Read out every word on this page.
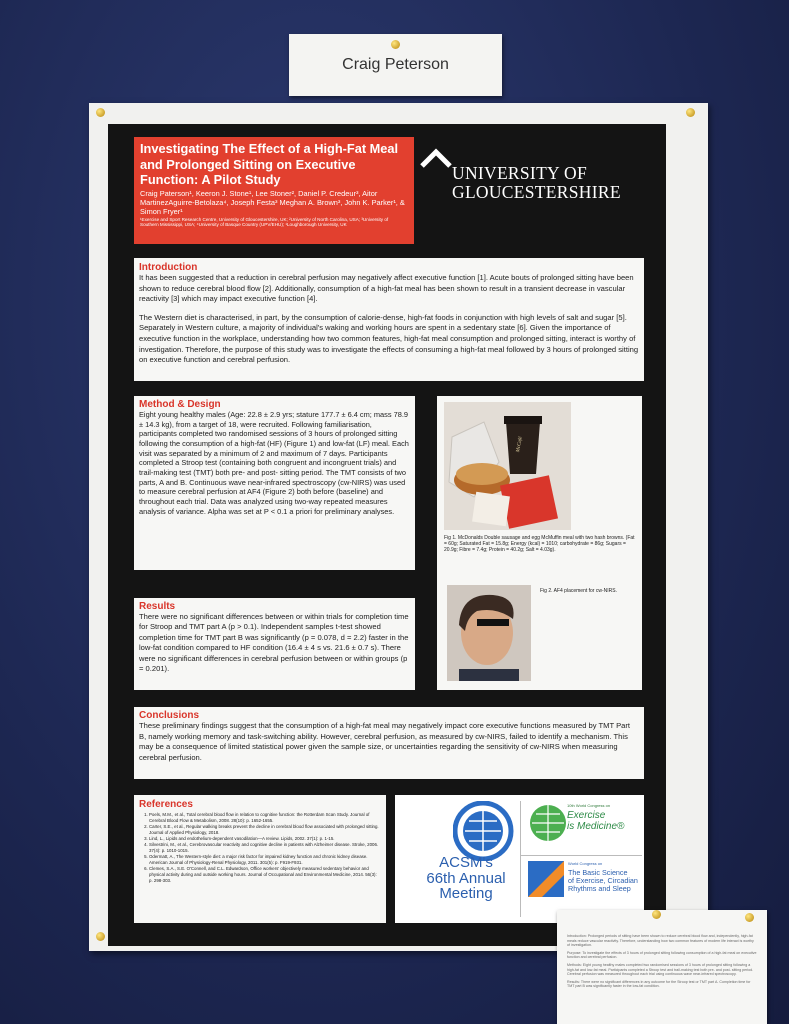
Craig Peterson
Investigating The Effect of a High-Fat Meal and Prolonged Sitting on Executive Function: A Pilot Study
Craig Paterson¹, Keeron J. Stone¹, Lee Stoner², Daniel P. Credeur³, Aitor MartinezAguirre-Betolaza⁴, Joseph Festa³ Meghan A. Brown³, John K. Parker¹, & Simon Fryer¹
¹Exercise and Sport Research Centre, University of Gloucestershire, UK; ²University of North Carolina, USA; ³University of Southern Mississippi, USA; ⁴University of Basque Country (UPV/EHU); ¹Loughborough University, UK
UNIVERSITY OF
GLOUCESTERSHIRE
Introduction
It has been suggested that a reduction in cerebral perfusion may negatively affect executive function [1]. Acute bouts of prolonged sitting have been shown to reduce cerebral blood flow [2]. Additionally, consumption of a high-fat meal has been shown to result in a transient decrease in vascular reactivity [3] which may impact executive function [4].
The Western diet is characterised, in part, by the consumption of calorie-dense, high-fat foods in conjunction with high levels of salt and sugar [5]. Separately in Western culture, a majority of individual's waking and working hours are spent in a sedentary state [6]. Given the importance of executive function in the workplace, understanding how two common features, high-fat meal consumption and prolonged sitting, interact is worthy of investigation. Therefore, the purpose of this study was to investigate the effects of consuming a high-fat meal followed by 3 hours of prolonged sitting on executive function and cerebral perfusion.
Method & Design
Eight young healthy males (Age: 22.8 ± 2.9 yrs; stature 177.7 ± 6.4 cm; mass 78.9 ± 14.3 kg), from a target of 18, were recruited. Following familiarisation, participants completed two randomised sessions of 3 hours of prolonged sitting following the consumption of a high-fat (HF) (Figure 1) and low-fat (LF) meal. Each visit was separated by a minimum of 2 and maximum of 7 days. Participants completed a Stroop test (containing both congruent and incongruent trials) and trail-making test (TMT) both pre- and post- sitting period. The TMT consists of two parts, A and B. Continuous wave near-infrared spectroscopy (cw-NIRS) was used to measure cerebral perfusion at AF4 (Figure 2) both before (baseline) and throughout each trial. Data was analyzed using two-way repeated measures analysis of variance. Alpha was set at P < 0.1 a priori for preliminary analyses.
McCafé
Fig 1. McDonalds Double sausage and egg McMuffin meal with two hash browns. (Fat = 60g; Saturated Fat = 15.8g; Energy (kcal) = 1010; carbohydrate = 86g; Sugars = 20.9g; Fibre = 7.4g; Protein = 40.2g; Salt = 4.03g).
Fig 2. AF4 placement for cw-NIRS.
Results
There were no significant differences between or within trials for completion time for Stroop and TMT part A (p > 0.1). Independent samples t-test showed completion time for TMT part B was significantly (p = 0.078, d = 2.2) faster in the low-fat condition compared to HF condition (16.4 ± 4 s vs. 21.6 ± 0.7 s). There were no significant differences in cerebral perfusion between or within groups (p = 0.201).
Conclusions
These preliminary findings suggest that the consumption of a high-fat meal may negatively impact core executive functions measured by TMT Part B, namely working memory and task-switching ability. However, cerebral perfusion, as measured by cw-NIRS, failed to identify a mechanism. This may be a consequence of limited statistical power given the sample size, or uncertainties regarding the sensitivity of cw-NIRS when measuring cerebral perfusion.
References
1. Poels, M.M., et al., Total cerebral blood flow in relation to cognitive function: the Rotterdam Scan Study. Journal of Cerebral Blood Flow & Metabolism, 2008. 28(10): p. 1652-1655.
2. Carter, S.E., et al., Regular walking breaks prevent the decline in cerebral blood flow associated with prolonged sitting. Journal of Applied Physiology, 2018.
3. Lind, L., Lipids and endothelium-dependent vasodilation—A review. Lipids, 2002. 37(1): p. 1-15.
4. Silvestrini, M., et al., Cerebrovascular reactivity and cognitive decline in patients with Alzheimer disease. Stroke, 2006. 37(4): p. 1010-1015.
5. Odermatt, A., The Western-style diet: a major risk factor for impaired kidney function and chronic kidney disease. American Journal of Physiology-Renal Physiology, 2011. 301(5): p. F919-F931.
6. Clemes, S.A., S.E. O'Connell, and C.L. Edwardson, Office workers' objectively measured sedentary behavior and physical activity during and outside working hours. Journal of Occupational and Environmental Medicine, 2014. 56(3): p. 298-303.
ACSM's
66th Annual
Meeting
10th World Congress on
Exercise
is Medicine®
World Congress on
The Basic Science
of Exercise, Circadian
Rhythms and Sleep

Introduction: Prolonged periods of sitting have been shown to reduce cerebral blood flow and, independently, high-fat meals reduce vascular reactivity. Therefore, understanding how two common features of modern life interact is worthy of investigation.

Purpose: To investigate the effects of 3 hours of prolonged sitting following consumption of a high-fat meal on executive function and cerebral perfusion.

Methods: Eight young healthy males completed two randomised sessions of 3 hours of prolonged sitting following a high-fat and low-fat meal. Participants completed a Stroop test and trail-making test both pre- and post- sitting period. Cerebral perfusion was measured throughout each trial using continuous wave near-infrared spectroscopy.

Results: There were no significant differences in any outcome for the Stroop test or TMT part A. Completion time for TMT part B was significantly faster in the low-fat condition.
